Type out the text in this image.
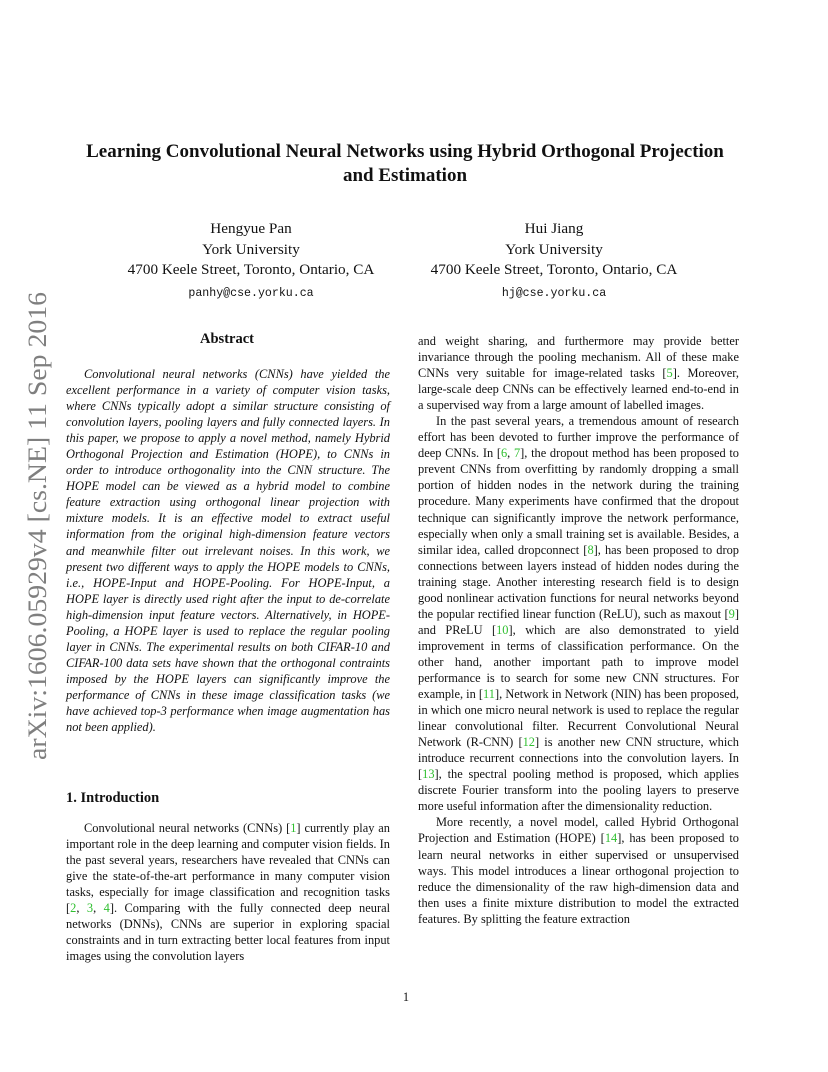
arXiv:1606.05929v4 [cs.NE] 11 Sep 2016
Learning Convolutional Neural Networks using Hybrid Orthogonal Projection
and Estimation
Hengyue Pan
York University
4700 Keele Street, Toronto, Ontario, CA
panhy@cse.yorku.ca
Hui Jiang
York University
4700 Keele Street, Toronto, Ontario, CA
hj@cse.yorku.ca
Abstract

Convolutional neural networks (CNNs) have yielded the excellent performance in a variety of computer vision tasks, where CNNs typically adopt a similar structure consisting of convolution layers, pooling layers and fully connected layers. In this paper, we propose to apply a novel method, namely Hybrid Orthogonal Projection and Estimation (HOPE), to CNNs in order to introduce orthogonality into the CNN structure. The HOPE model can be viewed as a hybrid model to combine feature extraction using orthogonal linear projection with mixture models. It is an effective model to extract useful information from the original high-dimension feature vectors and meanwhile filter out irrelevant noises. In this work, we present two different ways to apply the HOPE models to CNNs, i.e., HOPE-Input and HOPE-Pooling. For HOPE-Input, a HOPE layer is directly used right after the input to de-correlate high-dimension input feature vectors. Alternatively, in HOPE-Pooling, a HOPE layer is used to replace the regular pooling layer in CNNs. The experimental results on both CIFAR-10 and CIFAR-100 data sets have shown that the orthogonal contraints imposed by the HOPE layers can significantly improve the performance of CNNs in these image classification tasks (we have achieved top-3 performance when image augmentation has not been applied).

1. Introduction

Convolutional neural networks (CNNs) [1] currently play an important role in the deep learning and computer vision fields. In the past several years, researchers have revealed that CNNs can give the state-of-the-art performance in many computer vision tasks, especially for image classification and recognition tasks [2, 3, 4]. Comparing with the fully connected deep neural networks (DNNs), CNNs are superior in exploring spacial constraints and in turn extracting better local features from input images using the convolution layers

and weight sharing, and furthermore may provide better invariance through the pooling mechanism. All of these make CNNs very suitable for image-related tasks [5]. Moreover, large-scale deep CNNs can be effectively learned end-to-end in a supervised way from a large amount of labelled images.

In the past several years, a tremendous amount of research effort has been devoted to further improve the performance of deep CNNs. In [6, 7], the dropout method has been proposed to prevent CNNs from overfitting by randomly dropping a small portion of hidden nodes in the network during the training procedure. Many experiments have confirmed that the dropout technique can significantly improve the network performance, especially when only a small training set is available. Besides, a similar idea, called dropconnect [8], has been proposed to drop connections between layers instead of hidden nodes during the training stage. Another interesting research field is to design good nonlinear activation functions for neural networks beyond the popular rectified linear function (ReLU), such as maxout [9] and PReLU [10], which are also demonstrated to yield improvement in terms of classification performance. On the other hand, another important path to improve model performance is to search for some new CNN structures. For example, in [11], Network in Network (NIN) has been proposed, in which one micro neural network is used to replace the regular linear convolutional filter. Recurrent Convolutional Neural Network (R-CNN) [12] is another new CNN structure, which introduce recurrent connections into the convolution layers. In [13], the spectral pooling method is proposed, which applies discrete Fourier transform into the pooling layers to preserve more useful information after the dimensionality reduction.

More recently, a novel model, called Hybrid Orthogonal Projection and Estimation (HOPE) [14], has been proposed to learn neural networks in either supervised or unsupervised ways. This model introduces a linear orthogonal projection to reduce the dimensionality of the raw high-dimension data and then uses a finite mixture distribution to model the extracted features. By splitting the feature extraction

1
